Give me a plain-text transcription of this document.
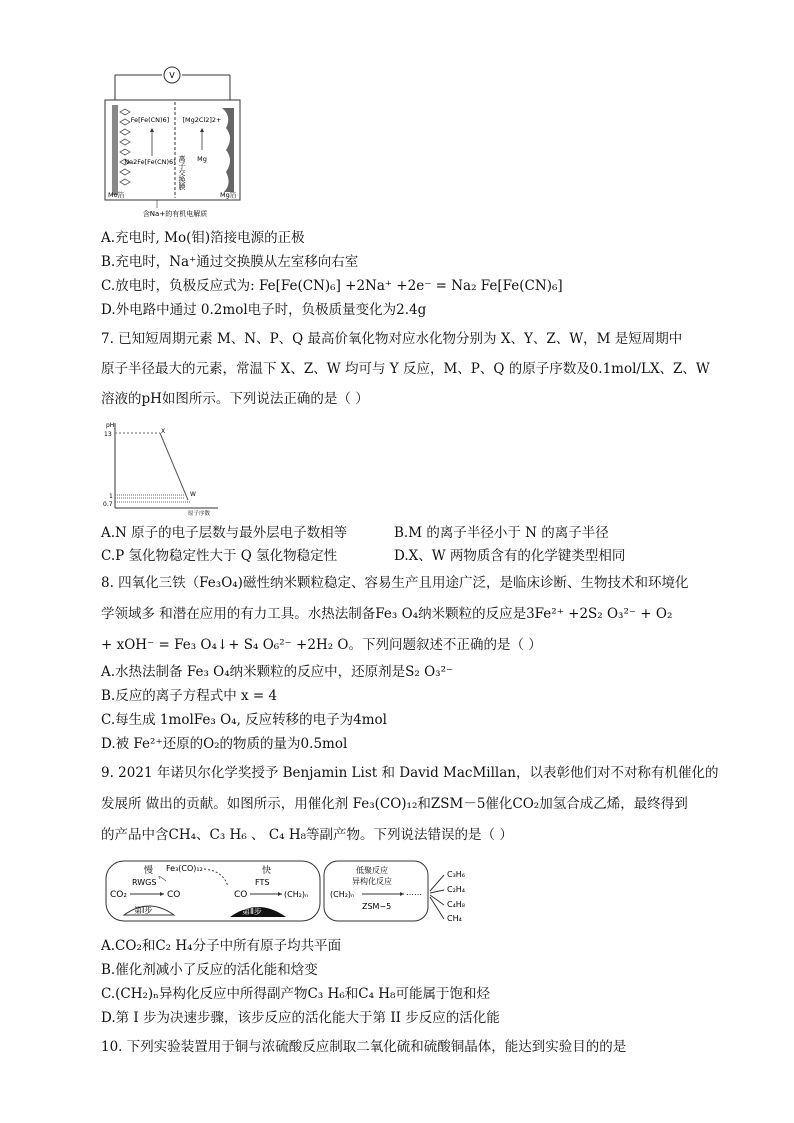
V
Fe[Fe(CN)6]
Na2Fe[Fe(CN)6]
[Mg2Cl2]2+
Mg
离子交换膜
Mo箔	Mg箔
含Na+的有机电解质
A.充电时, Mo(钼)箔接电源的正极
B.充电时，Na⁺通过交换膜从左室移向右室
C.放电时，负极反应式为: Fe[Fe(CN)₆] +2Na⁺ +2e⁻ = Na₂ Fe[Fe(CN)₆]
D.外电路中通过 0.2mol电子时，负极质量变化为2.4g
7. 已知短周期元素 M、N、P、Q 最高价氧化物对应水化物分别为 X、Y、Z、W，M 是短周期中
原子半径最大的元素，常温下 X、Z、W 均可与 Y 反应，M、P、Q 的原子序数及0.1mol/LX、Z、W
溶液的pH如图所示。下列说法正确的是（ ）
pH
13
1
0.7
X
W
原子序数
A.N 原子的电子层数与最外层电子数相等	B.M 的离子半径小于 N 的离子半径
C.P 氢化物稳定性大于 Q 氢化物稳定性	D.X、W 两物质含有的化学键类型相同
8. 四氧化三铁（Fe₃O₄)磁性纳米颗粒稳定、容易生产且用途广泛，是临床诊断、生物技术和环境化
学领域多 和潜在应用的有力工具。水热法制备Fe₃ O₄纳米颗粒的反应是3Fe²⁺ +2S₂ O₃²⁻ + O₂
+ xOH⁻ = Fe₃ O₄↓+ S₄ O₆²⁻ +2H₂ O。下列问题叙述不正确的是（ ）
A.水热法制备 Fe₃ O₄纳米颗粒的反应中，还原剂是S₂ O₃²⁻
B.反应的离子方程式中 x = 4
C.每生成 1molFe₃ O₄, 反应转移的电子为4mol
D.被 Fe²⁺还原的O₂的物质的量为0.5mol
9. 2021 年诺贝尔化学奖授予 Benjamin List 和 David MacMillan，以表彰他们对不对称有机催化的
发展所 做出的贡献。如图所示，用催化剂 Fe₃(CO)₁₂和ZSM－5催化CO₂加氢合成乙烯，最终得到
的产品中含CH₄、C₃ H₆ 、 C₄ H₈等副产物。下列说法错误的是（ ）
慢
RWGS
Fe₃(CO)₁₂
CO₂	CO
第Ⅰ步
CO
快
FTS
(CH₂)ₙ
第Ⅱ步
(CH₂)ₙ
低聚反应
异构化反应
……
ZSM−5
C₃H₆
C₂H₄
C₄H₈
CH₄
A.CO₂和C₂ H₄分子中所有原子均共平面
B.催化剂减小了反应的活化能和焓变
C.(CH₂)ₙ异构化反应中所得副产物C₃ H₆和C₄ H₈可能属于饱和烃
D.第 I 步为决速步骤，该步反应的活化能大于第 II 步反应的活化能
10. 下列实验装置用于铜与浓硫酸反应制取二氧化硫和硫酸铜晶体，能达到实验目的的是
